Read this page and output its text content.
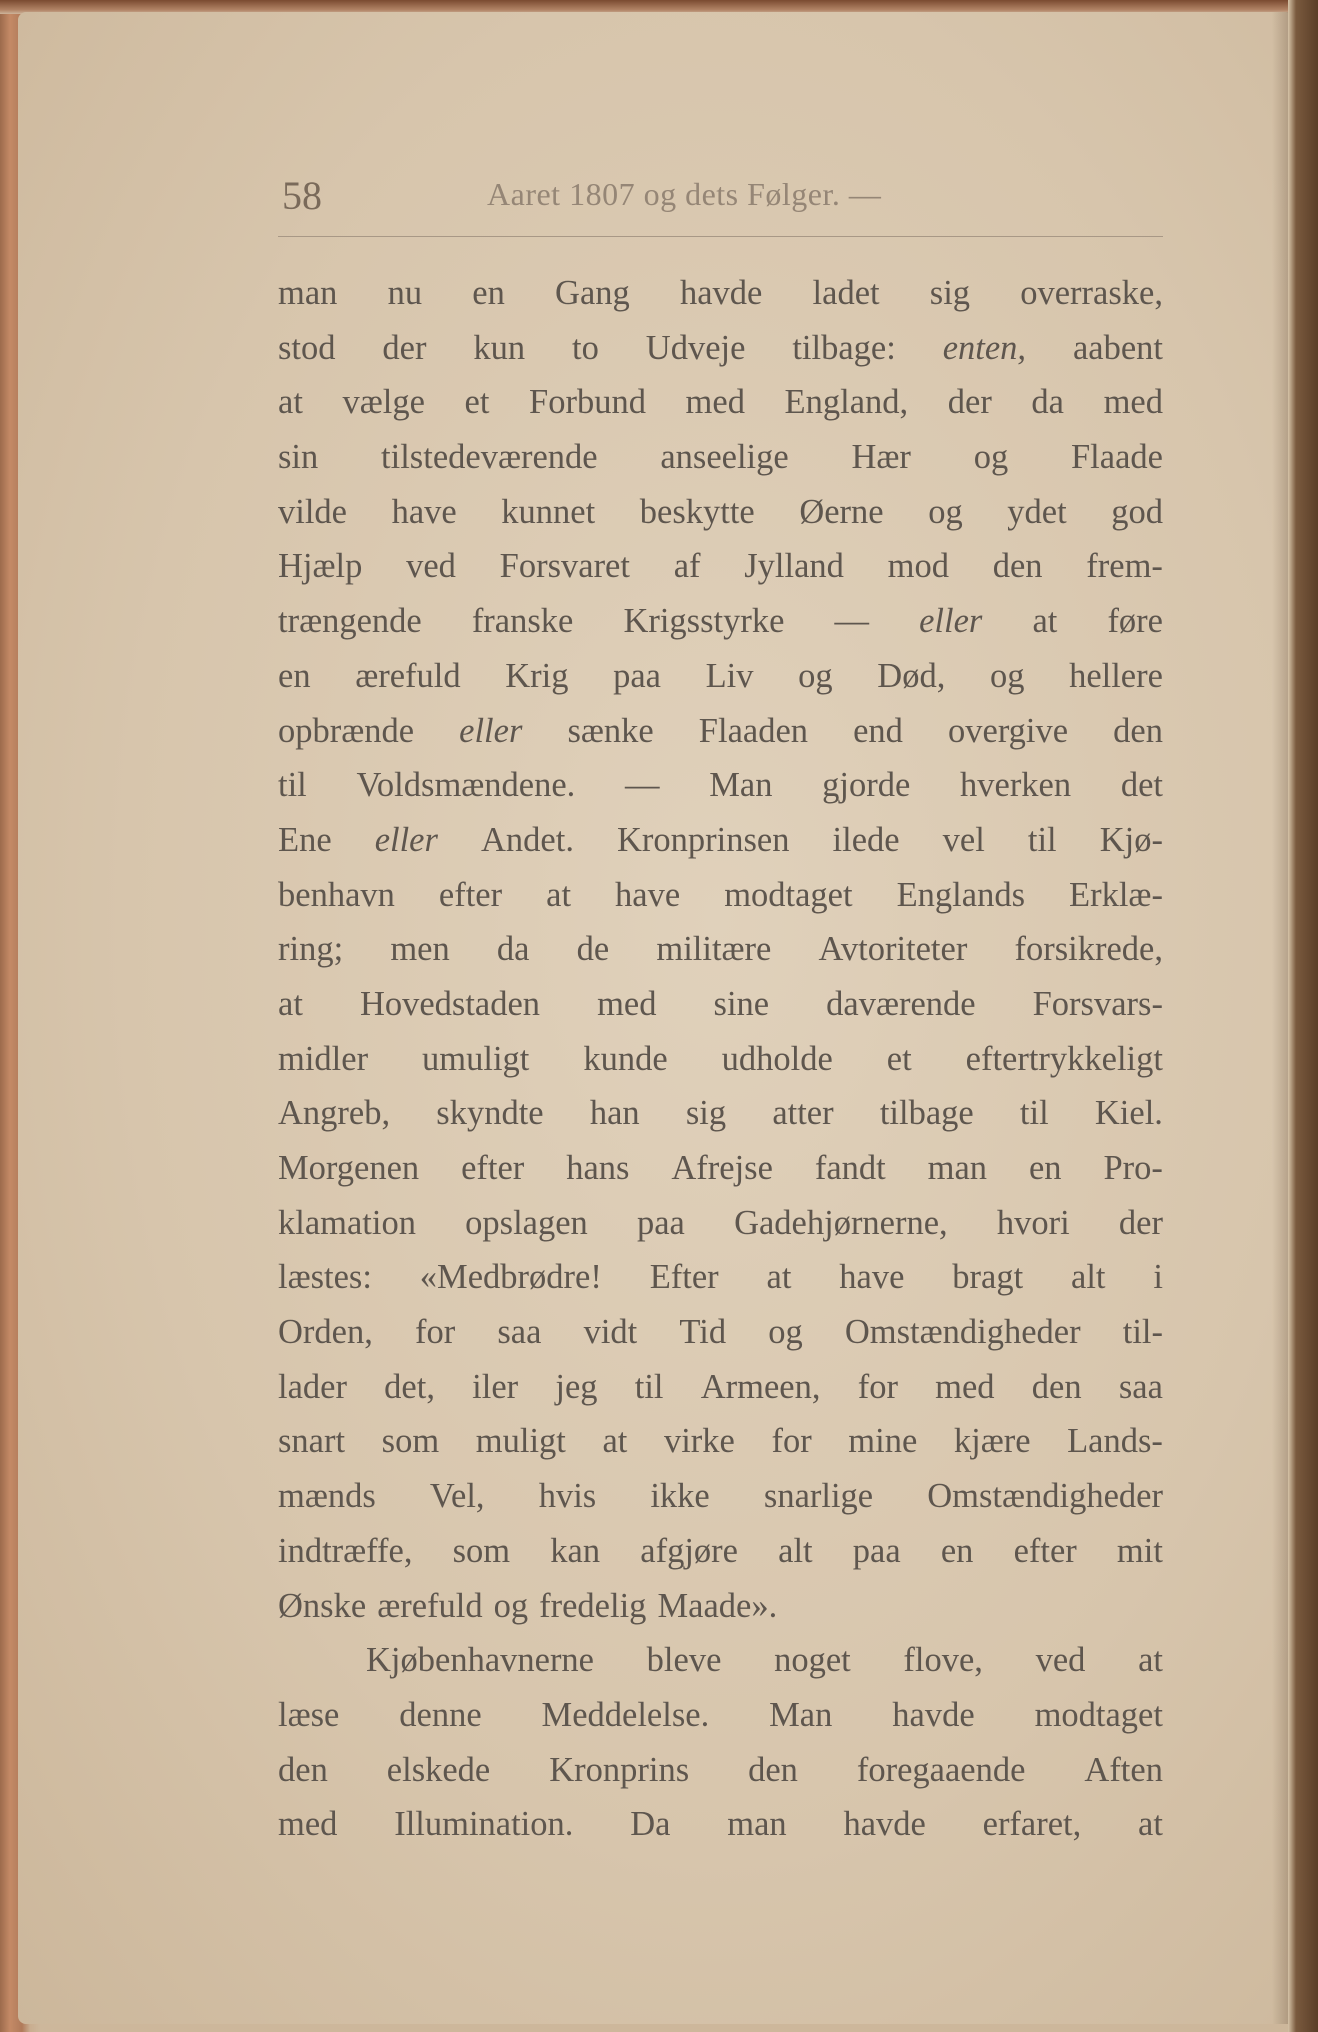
58	Aaret 1807 og dets Følger. —
man nu en Gang havde ladet sig overraske,
stod der kun to Udveje tilbage: enten, aabent
at vælge et Forbund med England, der da med
sin tilstedeværende anseelige Hær og Flaade
vilde have kunnet beskytte Øerne og ydet god
Hjælp ved Forsvaret af Jylland mod den frem-
trængende franske Krigsstyrke — eller at føre
en ærefuld Krig paa Liv og Død, og hellere
opbrænde eller sænke Flaaden end overgive den
til Voldsmændene. — Man gjorde hverken det
Ene eller Andet. Kronprinsen ilede vel til Kjø-
benhavn efter at have modtaget Englands Erklæ-
ring; men da de militære Avtoriteter forsikrede,
at Hovedstaden med sine daværende Forsvars-
midler umuligt kunde udholde et eftertrykkeligt
Angreb, skyndte han sig atter tilbage til Kiel.
Morgenen efter hans Afrejse fandt man en Pro-
klamation opslagen paa Gadehjørnerne, hvori der
læstes: «Medbrødre! Efter at have bragt alt i
Orden, for saa vidt Tid og Omstændigheder til-
lader det, iler jeg til Armeen, for med den saa
snart som muligt at virke for mine kjære Lands-
mænds Vel, hvis ikke snarlige Omstændigheder
indtræffe, som kan afgjøre alt paa en efter mit
Ønske ærefuld og fredelig Maade».
Kjøbenhavnerne bleve noget flove, ved at
læse denne Meddelelse. Man havde modtaget
den elskede Kronprins den foregaaende Aften
med Illumination. Da man havde erfaret, at
